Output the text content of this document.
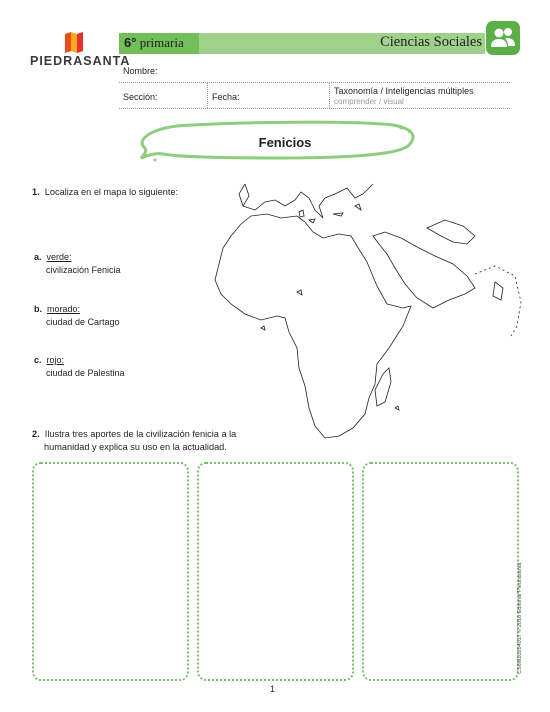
PIEDRASANTA
6° primaria	Ciencias Sociales
Nombre:
Sección:	Fecha:
Taxonomía / Inteligencias múltiples
comprender / visual
Fenicios
1. Localiza en el mapa lo siguiente:
a. verde:
civilización Fenicia
b. morado:
ciudad de Cartago
c. rojo:
ciudad de Palestina
2. Ilustra tres aportes de la civilización fenicia a la
humanidad y explica su uso en la actualidad.
CS6M10204017 © 2018 Editorial Piedrasanta
1
